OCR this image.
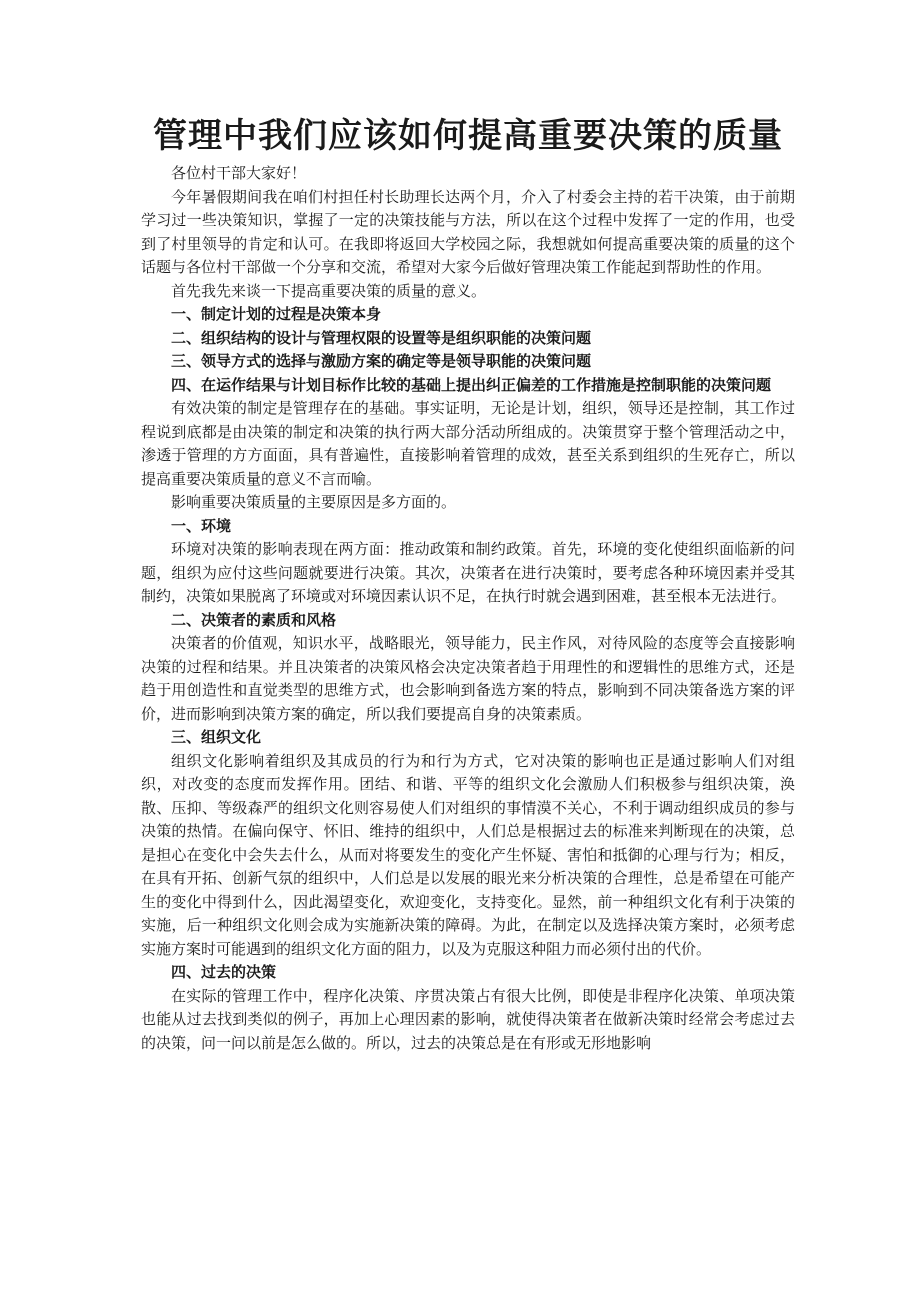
管理中我们应该如何提高重要决策的质量

各位村干部大家好！

今年暑假期间我在咱们村担任村长助理长达两个月，介入了村委会主持的若干决策，由于前期学习过一些决策知识，掌握了一定的决策技能与方法，所以在这个过程中发挥了一定的作用，也受到了村里领导的肯定和认可。在我即将返回大学校园之际，我想就如何提高重要决策的质量的这个话题与各位村干部做一个分享和交流，希望对大家今后做好管理决策工作能起到帮助性的作用。

首先我先来谈一下提高重要决策的质量的意义。

一、制定计划的过程是决策本身

二、组织结构的设计与管理权限的设置等是组织职能的决策问题

三、领导方式的选择与激励方案的确定等是领导职能的决策问题

四、在运作结果与计划目标作比较的基础上提出纠正偏差的工作措施是控制职能的决策问题

有效决策的制定是管理存在的基础。事实证明，无论是计划，组织，领导还是控制，其工作过程说到底都是由决策的制定和决策的执行两大部分活动所组成的。决策贯穿于整个管理活动之中，渗透于管理的方方面面，具有普遍性，直接影响着管理的成效，甚至关系到组织的生死存亡，所以提高重要决策质量的意义不言而喻。

影响重要决策质量的主要原因是多方面的。

一、环境

环境对决策的影响表现在两方面：推动政策和制约政策。首先，环境的变化使组织面临新的问题，组织为应付这些问题就要进行决策。其次，决策者在进行决策时，要考虑各种环境因素并受其制约，决策如果脱离了环境或对环境因素认识不足，在执行时就会遇到困难，甚至根本无法进行。

二、决策者的素质和风格

决策者的价值观，知识水平，战略眼光，领导能力，民主作风，对待风险的态度等会直接影响决策的过程和结果。并且决策者的决策风格会决定决策者趋于用理性的和逻辑性的思维方式，还是趋于用创造性和直觉类型的思维方式，也会影响到备选方案的特点，影响到不同决策备选方案的评价，进而影响到决策方案的确定，所以我们要提高自身的决策素质。

三、组织文化

组织文化影响着组织及其成员的行为和行为方式，它对决策的影响也正是通过影响人们对组织，对改变的态度而发挥作用。团结、和谐、平等的组织文化会激励人们积极参与组织决策，涣散、压抑、等级森严的组织文化则容易使人们对组织的事情漠不关心，不利于调动组织成员的参与决策的热情。在偏向保守、怀旧、维持的组织中，人们总是根据过去的标准来判断现在的决策，总是担心在变化中会失去什么，从而对将要发生的变化产生怀疑、害怕和抵御的心理与行为；相反，在具有开拓、创新气氛的组织中，人们总是以发展的眼光来分析决策的合理性，总是希望在可能产生的变化中得到什么，因此渴望变化，欢迎变化，支持变化。显然，前一种组织文化有利于决策的实施，后一种组织文化则会成为实施新决策的障碍。为此，在制定以及选择决策方案时，必须考虑实施方案时可能遇到的组织文化方面的阻力，以及为克服这种阻力而必须付出的代价。

四、过去的决策

在实际的管理工作中，程序化决策、序贯决策占有很大比例，即使是非程序化决策、单项决策也能从过去找到类似的例子，再加上心理因素的影响，就使得决策者在做新决策时经常会考虑过去的决策，问一问以前是怎么做的。所以，过去的决策总是在有形或无形地影响
